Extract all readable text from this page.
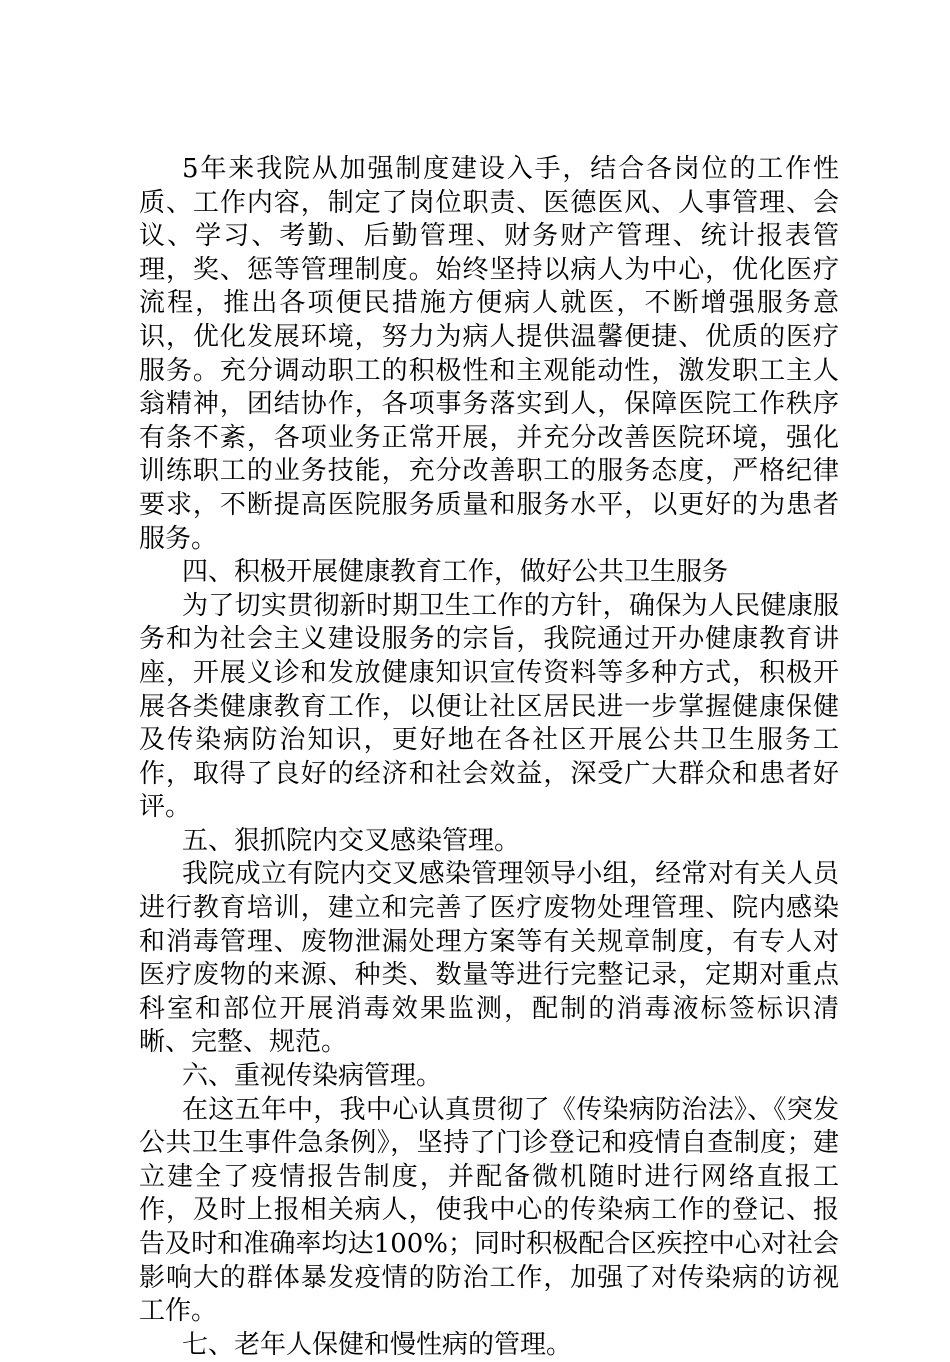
5年来我院从加强制度建设入手，结合各岗位的工作性质、工作内容，制定了岗位职责、医德医风、人事管理、会议、学习、考勤、后勤管理、财务财产管理、统计报表管理，奖、惩等管理制度。始终坚持以病人为中心，优化医疗流程，推出各项便民措施方便病人就医，不断增强服务意识，优化发展环境，努力为病人提供温馨便捷、优质的医疗服务。充分调动职工的积极性和主观能动性，激发职工主人翁精神，团结协作，各项事务落实到人，保障医院工作秩序有条不紊，各项业务正常开展，并充分改善医院环境，强化训练职工的业务技能，充分改善职工的服务态度，严格纪律要求，不断提高医院服务质量和服务水平，以更好的为患者服务。

四、积极开展健康教育工作，做好公共卫生服务

为了切实贯彻新时期卫生工作的方针，确保为人民健康服务和为社会主义建设服务的宗旨，我院通过开办健康教育讲座，开展义诊和发放健康知识宣传资料等多种方式，积极开展各类健康教育工作，以便让社区居民进一步掌握健康保健及传染病防治知识，更好地在各社区开展公共卫生服务工作，取得了良好的经济和社会效益，深受广大群众和患者好评。

五、狠抓院内交叉感染管理。

我院成立有院内交叉感染管理领导小组，经常对有关人员进行教育培训，建立和完善了医疗废物处理管理、院内感染和消毒管理、废物泄漏处理方案等有关规章制度，有专人对医疗废物的来源、种类、数量等进行完整记录，定期对重点科室和部位开展消毒效果监测，配制的消毒液标签标识清晰、完整、规范。

六、重视传染病管理。

在这五年中，我中心认真贯彻了《传染病防治法》、《突发公共卫生事件急条例》，坚持了门诊登记和疫情自查制度；建立建全了疫情报告制度，并配备微机随时进行网络直报工作，及时上报相关病人，使我中心的传染病工作的登记、报告及时和准确率均达100%；同时积极配合区疾控中心对社会影响大的群体暴发疫情的防治工作，加强了对传染病的访视工作。

七、老年人保健和慢性病的管理。
